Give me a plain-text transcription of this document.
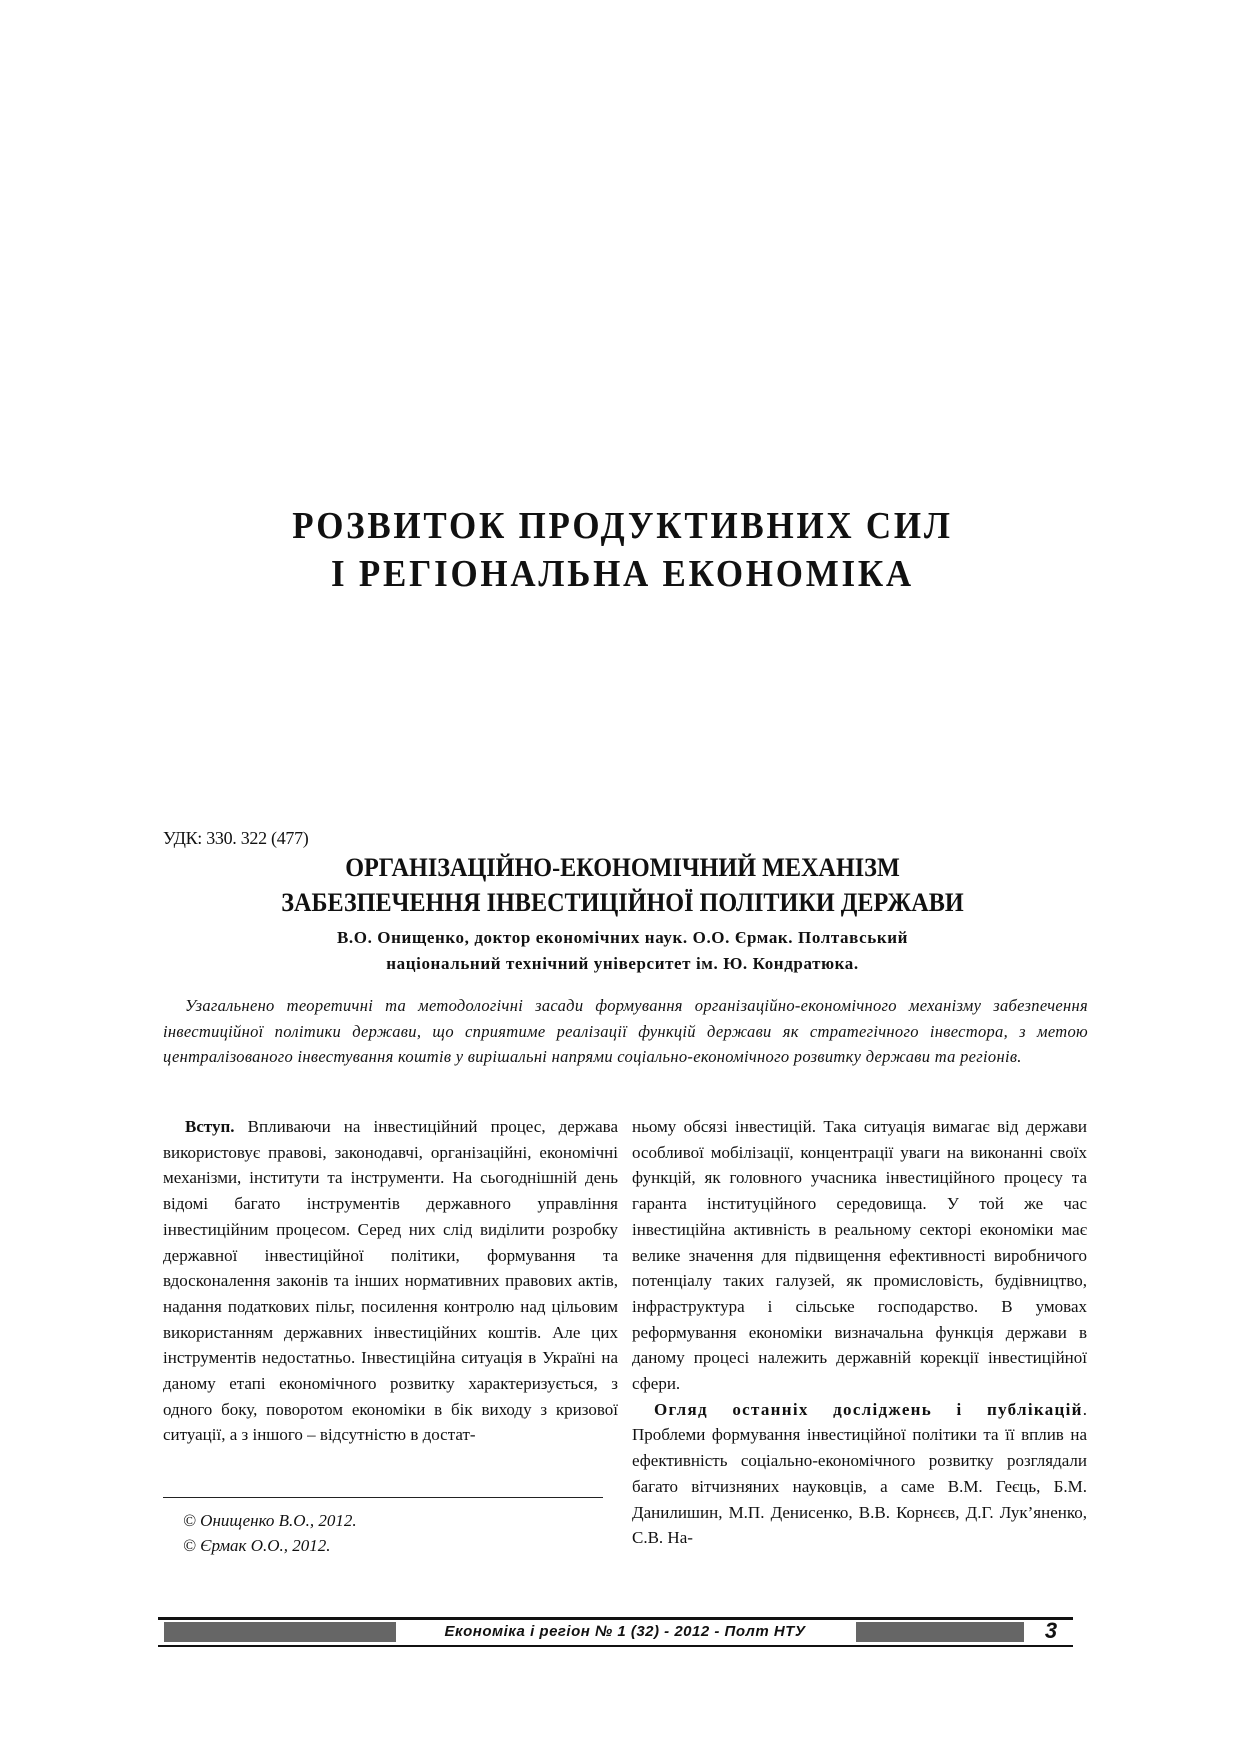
РОЗВИТОК ПРОДУКТИВНИХ СИЛ
І РЕГІОНАЛЬНА ЕКОНОМІКА
УДК: 330. 322 (477)
ОРГАНІЗАЦІЙНО-ЕКОНОМІЧНИЙ МЕХАНІЗМ
ЗАБЕЗПЕЧЕННЯ ІНВЕСТИЦІЙНОЇ ПОЛІТИКИ ДЕРЖАВИ
В.О. Онищенко, доктор економічних наук. О.О. Єрмак. Полтавський
національний технічний університет ім. Ю. Кондратюка.

Узагальнено теоретичні та методологічні засади формування організаційно-економічного механізму забезпечення інвестиційної політики держави, що сприятиме реалізації функцій держави як стратегічного інвестора, з метою централізованого інвестування коштів у вирішальні напрями соціально-економічного розвитку держави та регіонів.

Вступ. Впливаючи на інвестиційний процес, держава використовує правові, законодавчі, організаційні, економічні механізми, інститути та інструменти. На сьогоднішній день відомі багато інструментів державного управління інвестиційним процесом. Серед них слід виділити розробку державної інвестиційної політики, формування та вдосконалення законів та інших нормативних правових актів, надання податкових пільг, посилення контролю над цільовим використанням державних інвестиційних коштів. Але цих інструментів недостатньо. Інвестиційна ситуація в Україні на даному етапі економічного розвитку характеризується, з одного боку, поворотом економіки в бік виходу з кризової ситуації, а з іншого – відсутністю в достат-

© Онищенко В.О., 2012.
© Єрмак О.О., 2012.

ньому обсязі інвестицій. Така ситуація вимагає від держави особливої мобілізації, концентрації уваги на виконанні своїх функцій, як головного учасника інвестиційного процесу та гаранта інституційного середовища. У той же час інвестиційна активність в реальному секторі економіки має велике значення для підвищення ефективності виробничого потенціалу таких галузей, як промисловість, будівництво, інфраструктура і сільське господарство. В умовах реформування економіки визначальна функція держави в даному процесі належить державній корекції інвестиційної сфери.

Огляд останніх досліджень і публікацій. Проблеми формування інвестиційної політики та її вплив на ефективність соціально-економічного розвитку розглядали багато вітчизняних науковців, а саме В.М. Геєць, Б.М. Данилишин, М.П. Денисенко, В.В. Корнєєв, Д.Г. Лук’яненко, С.В. На-

Економіка і регіон № 1 (32) - 2012 - Полт НТУ	3
